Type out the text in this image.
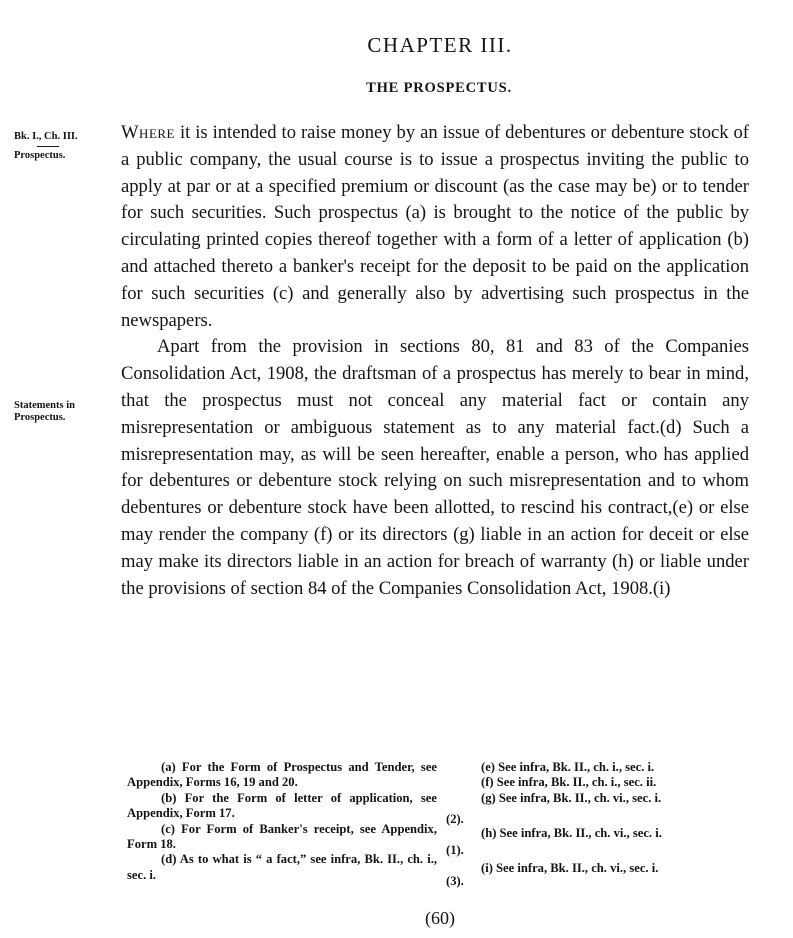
CHAPTER III.
THE PROSPECTUS.
Bk. I., Ch. III.
Prospectus.
Statements in
Prospectus.

Where it is intended to raise money by an issue of debentures or debenture stock of a public company, the usual course is to issue a prospectus inviting the public to apply at par or at a specified premium or discount (as the case may be) or to tender for such securities. Such prospectus (a) is brought to the notice of the public by circulating printed copies thereof together with a form of a letter of application (b) and attached thereto a banker's receipt for the deposit to be paid on the application for such securities (c) and generally also by advertising such prospectus in the newspapers.

Apart from the provision in sections 80, 81 and 83 of the Companies Consolidation Act, 1908, the draftsman of a prospectus has merely to bear in mind, that the prospectus must not conceal any material fact or contain any misrepresentation or ambiguous statement as to any material fact.(d) Such a misrepresentation may, as will be seen hereafter, enable a person, who has applied for debentures or debenture stock relying on such misrepresentation and to whom debentures or debenture stock have been allotted, to rescind his contract,(e) or else may render the company (f) or its directors (g) liable in an action for deceit or else may make its directors liable in an action for breach of warranty (h) or liable under the provisions of section 84 of the Companies Consolidation Act, 1908.(i)

(a) For the Form of Prospectus and Tender, see Appendix, Forms 16, 19 and 20.

(b) For the Form of letter of application, see Appendix, Form 17.

(c) For Form of Banker's receipt, see Appendix, Form 18.

(d) As to what is “ a fact,” see infra, Bk. II., ch. i., sec. i.

(2).
(1).
(3).
(e) See infra, Bk. II., ch. i., sec. i.
(f) See infra, Bk. II., ch. i., sec. ii.
(g) See infra, Bk. II., ch. vi., sec. i.
(h) See infra, Bk. II., ch. vi., sec. i.
(i) See infra, Bk. II., ch. vi., sec. i.
(60)
